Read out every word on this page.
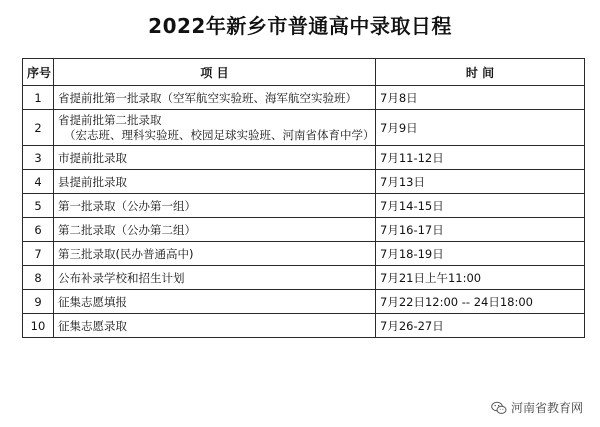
2022年新乡市普通高中录取日程
序号	项 目	时 间
1	省提前批第一批录取（空军航空实验班、海军航空实验班）	7月8日
2	省提前批第二批录取
（宏志班、理科实验班、校园足球实验班、河南省体育中学）	7月9日
3	市提前批录取	7月11-12日
4	县提前批录取	7月13日
5	第一批录取（公办第一组）	7月14-15日
6	第二批录取（公办第二组）	7月16-17日
7	第三批录取(民办普通高中)	7月18-19日
8	公布补录学校和招生计划	7月21日上午11:00
9	征集志愿填报	7月22日12:00 -- 24日18:00
10	征集志愿录取	7月26-27日
河南省教育网
